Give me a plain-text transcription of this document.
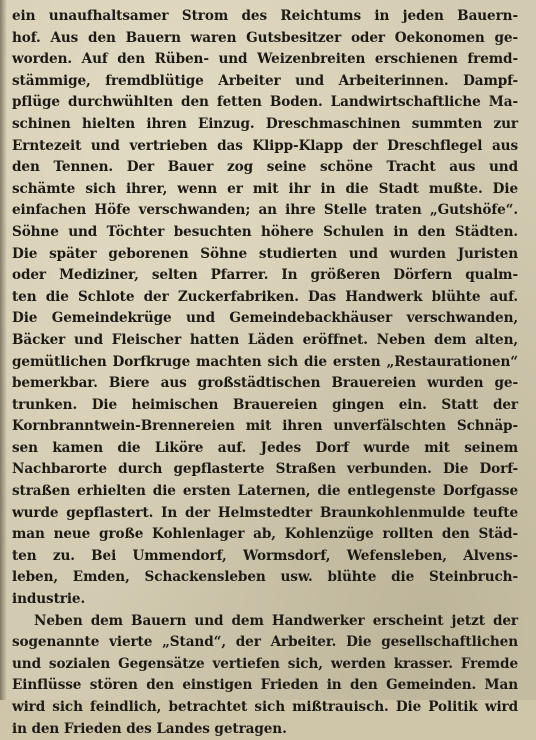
ein unaufhaltsamer Strom des Reichtums in jeden Bauern-
hof. Aus den Bauern waren Gutsbesitzer oder Oekonomen ge-
worden. Auf den Rüben- und Weizenbreiten erschienen fremd-
stämmige, fremdblütige Arbeiter und Arbeiterinnen. Dampf-
pflüge durchwühlten den fetten Boden. Landwirtschaftliche Ma-
schinen hielten ihren Einzug. Dreschmaschinen summten zur
Erntezeit und vertrieben das Klipp-Klapp der Dreschflegel aus
den Tennen. Der Bauer zog seine schöne Tracht aus und
schämte sich ihrer, wenn er mit ihr in die Stadt mußte. Die
einfachen Höfe verschwanden; an ihre Stelle traten „Gutshöfe“.
Söhne und Töchter besuchten höhere Schulen in den Städten.
Die später geborenen Söhne studierten und wurden Juristen
oder Mediziner, selten Pfarrer. In größeren Dörfern qualm-
ten die Schlote der Zuckerfabriken. Das Handwerk blühte auf.
Die Gemeindekrüge und Gemeindebackhäuser verschwanden,
Bäcker und Fleischer hatten Läden eröffnet. Neben dem alten,
gemütlichen Dorfkruge machten sich die ersten „Restaurationen“
bemerkbar. Biere aus großstädtischen Brauereien wurden ge-
trunken. Die heimischen Brauereien gingen ein. Statt der
Kornbranntwein-Brennereien mit ihren unverfälschten Schnäp-
sen kamen die Liköre auf. Jedes Dorf wurde mit seinem
Nachbarorte durch gepflasterte Straßen verbunden. Die Dorf-
straßen erhielten die ersten Laternen, die entlegenste Dorfgasse
wurde gepflastert. In der Helmstedter Braunkohlenmulde teufte
man neue große Kohlenlager ab, Kohlenzüge rollten den Städ-
ten zu. Bei Ummendorf, Wormsdorf, Wefensleben, Alvens-
leben, Emden, Schackensleben usw. blühte die Steinbruch-
industrie.
Neben dem Bauern und dem Handwerker erscheint jetzt der
sogenannte vierte „Stand“, der Arbeiter. Die gesellschaftlichen
und sozialen Gegensätze vertiefen sich, werden krasser. Fremde
Einflüsse stören den einstigen Frieden in den Gemeinden. Man
wird sich feindlich, betrachtet sich mißtrauisch. Die Politik wird
in den Frieden des Landes getragen.
